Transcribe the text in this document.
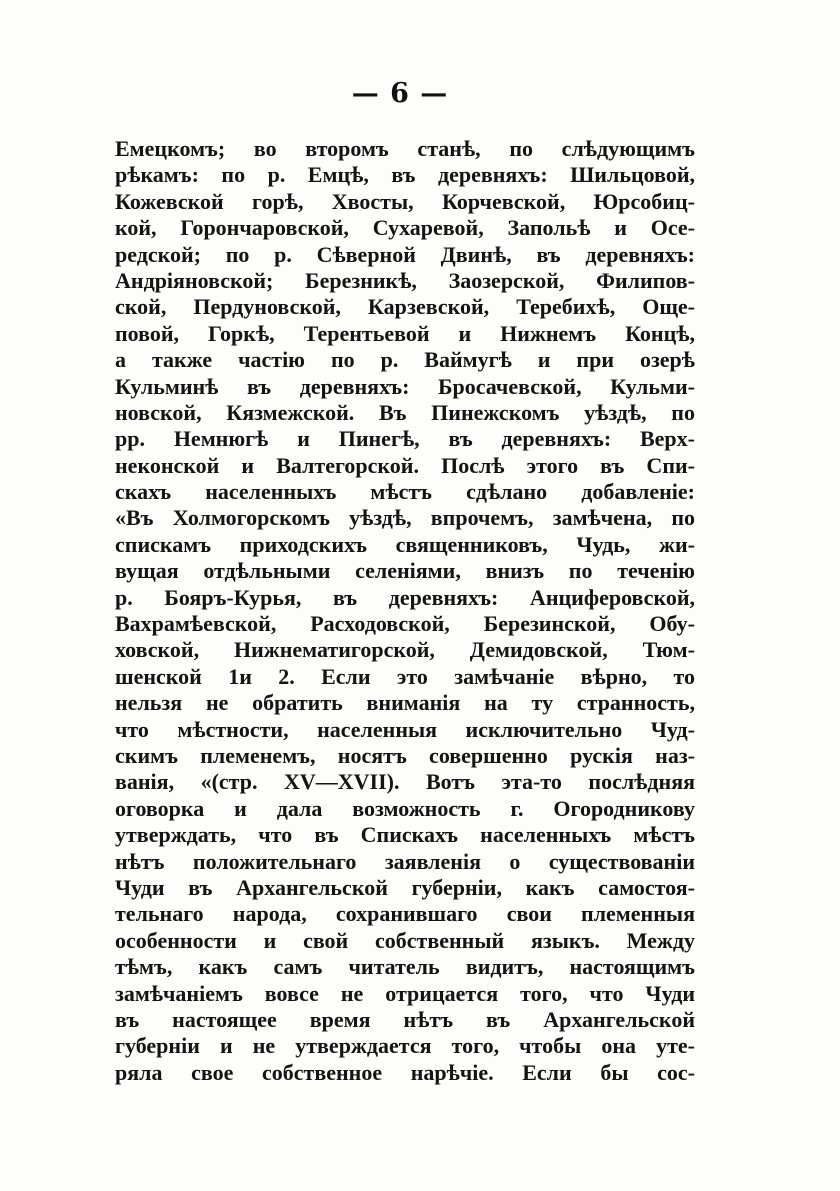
— 6 —
Емецкомъ; во второмъ станѣ, по слѣдующимъ
рѣкамъ: по р. Емцѣ, въ деревняхъ: Шильцовой,
Кожевской горѣ, Хвосты, Корчевской, Юрсобиц-
кой, Горончаровской, Сухаревой, Запольѣ и Осе-
редской; по р. Сѣверной Двинѣ, въ деревняхъ:
Андріяновской; Березникѣ, Заозерской, Филипов-
ской, Пердуновской, Карзевской, Теребихѣ, Още-
повой, Горкѣ, Терентьевой и Нижнемъ Концѣ,
а также частію по р. Ваймугѣ и при озерѣ
Кульминѣ въ деревняхъ: Бросачевской, Кульми-
новской, Кязмежской. Въ Пинежскомъ уѣздѣ, по
рр. Немнюгѣ и Пинегѣ, въ деревняхъ: Верх-
неконской и Валтегорской. Послѣ этого въ Спи-
скахъ населенныхъ мѣстъ сдѣлано добавленіе:
«Въ Холмогорскомъ уѣздѣ, впрочемъ, замѣчена, по
спискамъ приходскихъ священниковъ, Чудь, жи-
вущая отдѣльными селеніями, внизъ по теченію
р. Бояръ-Курья, въ деревняхъ: Анциферовской,
Вахрамѣевской, Расходовской, Березинской, Обу-
ховской, Нижнематигорской, Демидовской, Тюм-
шенской 1и 2. Если это замѣчаніе вѣрно, то
нельзя не обратить вниманія на ту странность,
что мѣстности, населенныя исключительно Чуд-
скимъ племенемъ, носятъ совершенно рускія наз-
ванія, «(стр. XV—XVII). Вотъ эта-то послѣдняя
оговорка и дала возможность г. Огородникову
утверждать, что въ Спискахъ населенныхъ мѣстъ
нѣтъ положительнаго заявленія о существованіи
Чуди въ Архангельской губерніи, какъ самостоя-
тельнаго народа, сохранившаго свои племенныя
особенности и свой собственный языкъ. Между
тѣмъ, какъ самъ читатель видитъ, настоящимъ
замѣчаніемъ вовсе не отрицается того, что Чуди
въ настоящее время нѣтъ въ Архангельской
губерніи и не утверждается того, чтобы она уте-
ряла свое собственное нарѣчіе. Если бы сос-
